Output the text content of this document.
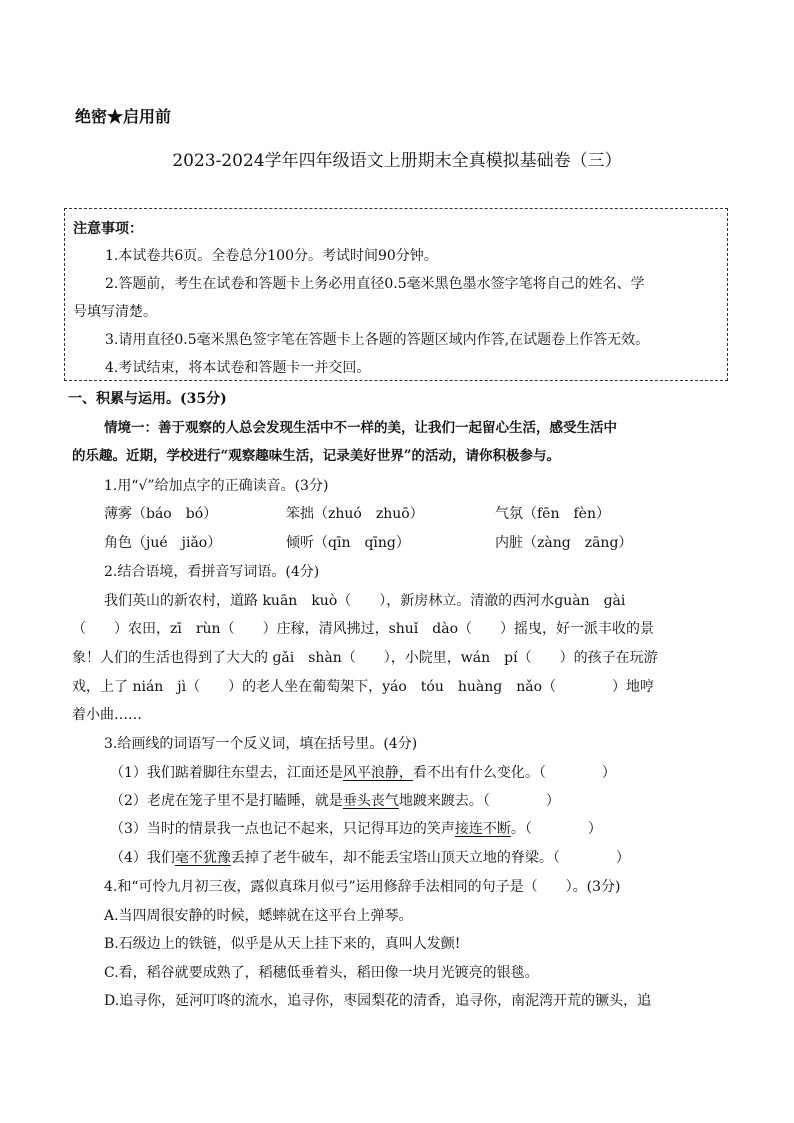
绝密★启用前
2023-2024学年四年级语文上册期末全真模拟基础卷（三）
注意事项：
1.本试卷共6页。全卷总分100分。考试时间90分钟。
2.答题前，考生在试卷和答题卡上务必用直径0.5毫米黑色墨水签字笔将自己的姓名、学
号填写清楚。
3.请用直径0.5毫米黑色签字笔在答题卡上各题的答题区域内作答,在试题卷上作答无效。
4.考试结束，将本试卷和答题卡一并交回。
一、积累与运用。(35分)
情境一：善于观察的人总会发现生活中不一样的美，让我们一起留心生活，感受生活中
的乐趣。近期，学校进行“观察趣味生活，记录美好世界”的活动，请你积极参与。
1.用“√”给加点字的正确读音。(3分)
薄雾（báo　bó）	笨拙（zhuó　zhuō）	气氛（fēn　fèn）
角色（jué　jiǎo）	倾听（qīn　qīng）	内脏（zàng　zāng）
2.结合语境，看拼音写词语。(4分)
我们英山的新农村，道路 kuān　kuò（　　），新房林立。清澈的西河水ɡuàn　ɡài
（　　）农田，zī　rùn（　　）庄稼，清风拂过，shuǐ　dào（　　）摇曳，好一派丰收的景
象！人们的生活也得到了大大的 ɡǎi　shàn（　　），小院里，wán　pí（　　）的孩子在玩游
戏，上了 nián　jì（　　）的老人坐在葡萄架下，yáo　tóu　huànɡ　nǎo（　　　　）地哼
着小曲……
3.给画线的词语写一个反义词，填在括号里。(4分)
（1）我们踮着脚往东望去，江面还是风平浪静，看不出有什么变化。（　　　　）
（2）老虎在笼子里不是打瞌睡，就是垂头丧气地踱来踱去。（　　　　）
（3）当时的情景我一点也记不起来，只记得耳边的笑声接连不断。（　　　　）
（4）我们毫不犹豫丢掉了老牛破车，却不能丢宝塔山顶天立地的脊梁。（　　　　）
4.和“可怜九月初三夜，露似真珠月似弓”运用修辞手法相同的句子是（　　）。(3分)
A.当四周很安静的时候，蟋蟀就在这平台上弹琴。
B.石级边上的铁链，似乎是从天上挂下来的，真叫人发颤!
C.看，稻谷就要成熟了，稻穗低垂着头，稻田像一块月光镀亮的银毯。
D.追寻你，延河叮咚的流水，追寻你，枣园梨花的清香，追寻你，南泥湾开荒的镢头，追
